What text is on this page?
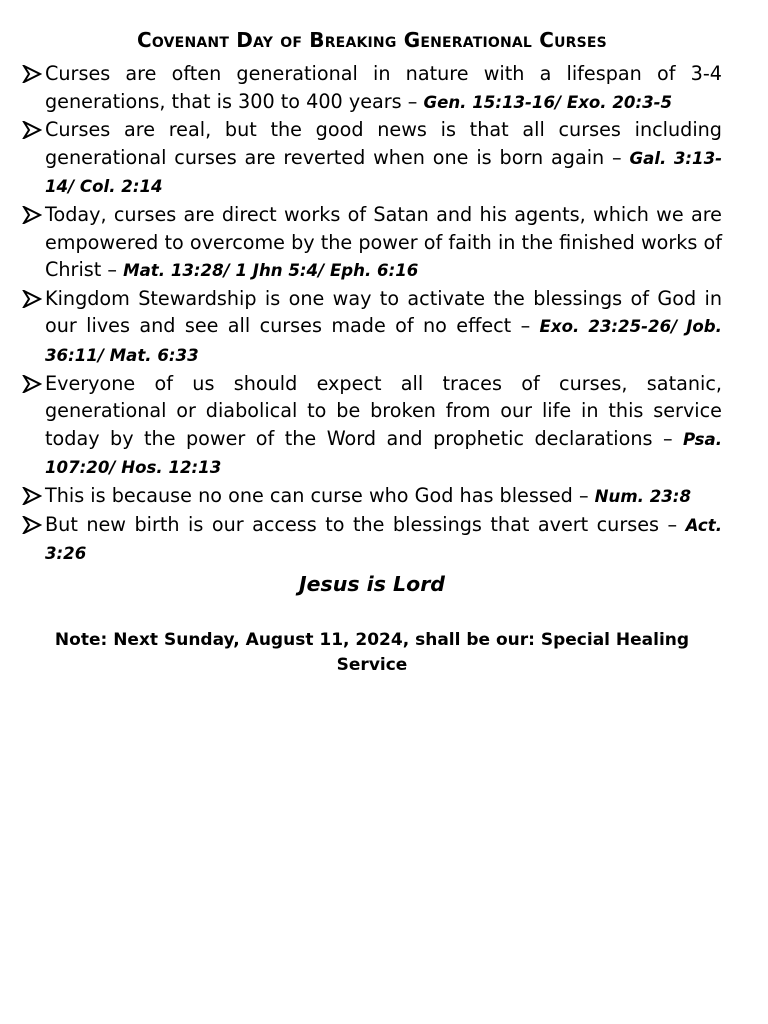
Covenant Day of Breaking Generational Curses
Curses are often generational in nature with a lifespan of 3-4 generations, that is 300 to 400 years – Gen. 15:13-16/ Exo. 20:3-5
Curses are real, but the good news is that all curses including generational curses are reverted when one is born again – Gal. 3:13-14/ Col. 2:14
Today, curses are direct works of Satan and his agents, which we are empowered to overcome by the power of faith in the finished works of Christ – Mat. 13:28/ 1 Jhn 5:4/ Eph. 6:16
Kingdom Stewardship is one way to activate the blessings of God in our lives and see all curses made of no effect – Exo. 23:25-26/ Job. 36:11/ Mat. 6:33
Everyone of us should expect all traces of curses, satanic, generational or diabolical to be broken from our life in this service today by the power of the Word and prophetic declarations – Psa. 107:20/ Hos. 12:13
This is because no one can curse who God has blessed – Num. 23:8
But new birth is our access to the blessings that avert curses – Act. 3:26

Jesus is Lord

Note: Next Sunday, August 11, 2024, shall be our: Special Healing Service
